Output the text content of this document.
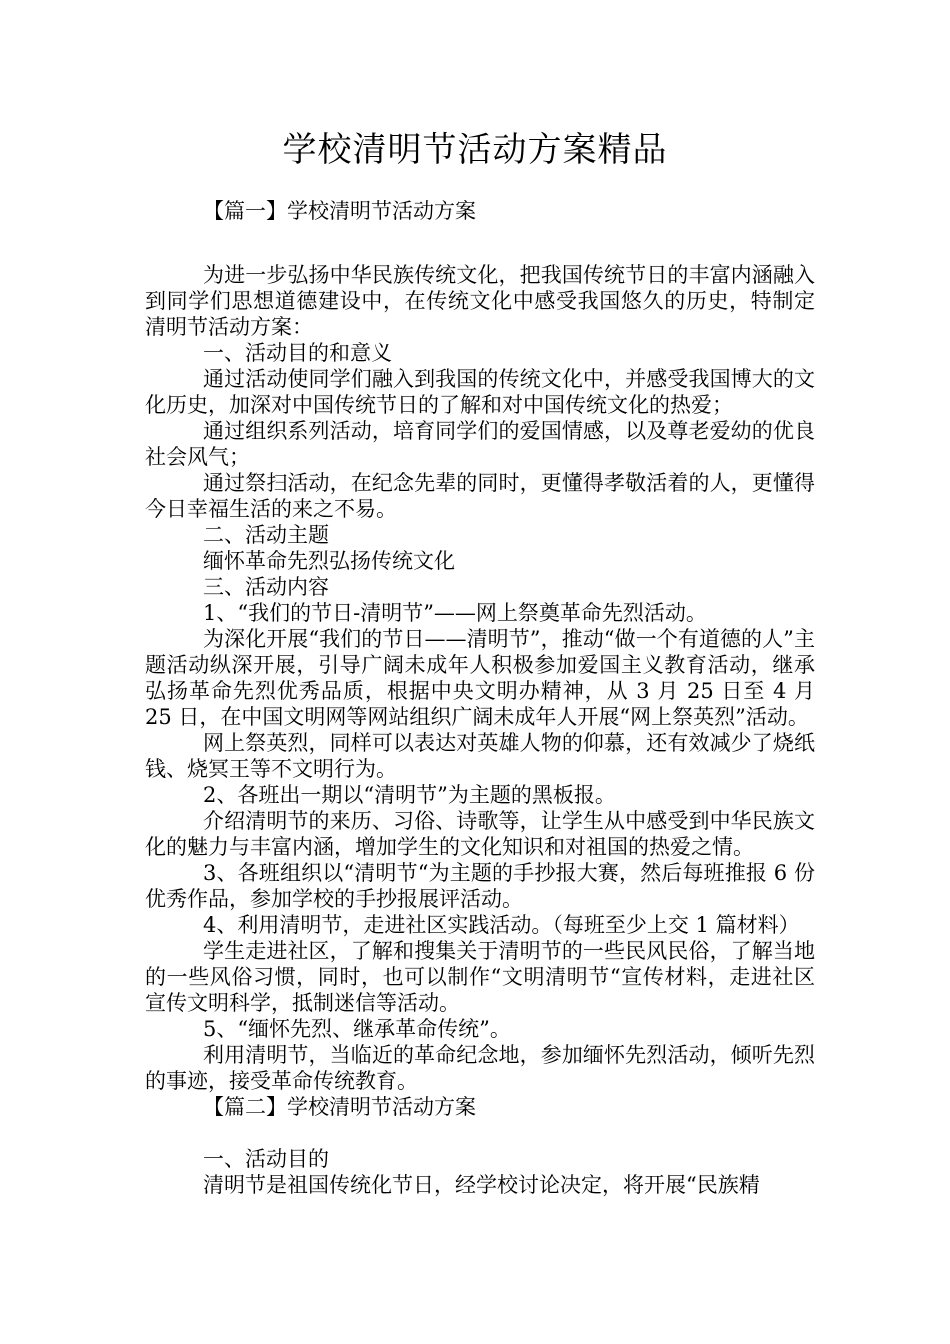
学校清明节活动方案精品

【篇一】学校清明节活动方案

为进一步弘扬中华民族传统文化，把我国传统节日的丰富内涵融入到同学们思想道德建设中，在传统文化中感受我国悠久的历史，特制定清明节活动方案：

一、活动目的和意义

通过活动使同学们融入到我国的传统文化中，并感受我国博大的文化历史，加深对中国传统节日的了解和对中国传统文化的热爱；

通过组织系列活动，培育同学们的爱国情感，以及尊老爱幼的优良社会风气；

通过祭扫活动，在纪念先辈的同时，更懂得孝敬活着的人，更懂得今日幸福生活的来之不易。

二、活动主题

缅怀革命先烈弘扬传统文化

三、活动内容

1、“我们的节日-清明节”——网上祭奠革命先烈活动。

为深化开展“我们的节日——清明节”，推动“做一个有道德的人”主题活动纵深开展，引导广阔未成年人积极参加爱国主义教育活动，继承弘扬革命先烈优秀品质，根据中央文明办精神，从 3 月 25 日至 4 月 25 日，在中国文明网等网站组织广阔未成年人开展“网上祭英烈”活动。

网上祭英烈，同样可以表达对英雄人物的仰慕，还有效减少了烧纸钱、烧冥王等不文明行为。

2、各班出一期以“清明节”为主题的黑板报。

介绍清明节的来历、习俗、诗歌等，让学生从中感受到中华民族文化的魅力与丰富内涵，增加学生的文化知识和对祖国的热爱之情。

3、各班组织以“清明节“为主题的手抄报大赛，然后每班推报 6 份优秀作品，参加学校的手抄报展评活动。

4、利用清明节，走进社区实践活动。（每班至少上交 1 篇材料）

学生走进社区，了解和搜集关于清明节的一些民风民俗，了解当地的一些风俗习惯，同时，也可以制作“文明清明节“宣传材料，走进社区宣传文明科学，抵制迷信等活动。

5、“缅怀先烈、继承革命传统”。

利用清明节，当临近的革命纪念地，参加缅怀先烈活动，倾听先烈的事迹，接受革命传统教育。

【篇二】学校清明节活动方案

一、活动目的

清明节是祖国传统化节日，经学校讨论决定，将开展“民族精
